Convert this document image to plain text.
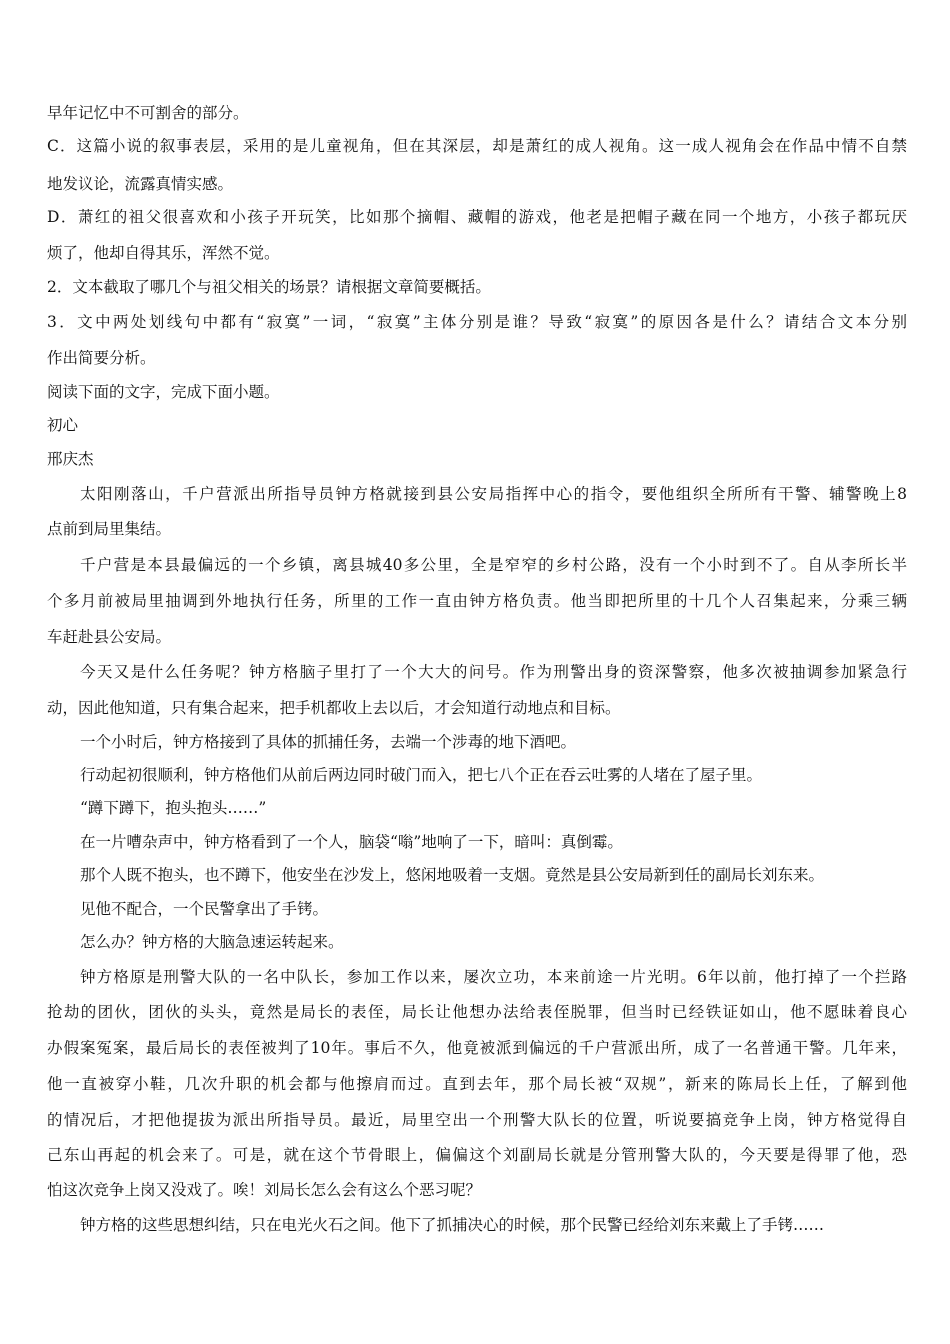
早年记忆中不可割舍的部分。
C．这篇小说的叙事表层，采用的是儿童视角，但在其深层，却是萧红的成人视角。这一成人视角会在作品中情不自禁
地发议论，流露真情实感。
D．萧红的祖父很喜欢和小孩子开玩笑，比如那个摘帽、藏帽的游戏，他老是把帽子藏在同一个地方，小孩子都玩厌
烦了，他却自得其乐，浑然不觉。
2．文本截取了哪几个与祖父相关的场景？请根据文章简要概括。
3．文中两处划线句中都有“寂寞”一词，“寂寞”主体分别是谁？导致“寂寞”的原因各是什么？请结合文本分别
作出简要分析。
阅读下面的文字，完成下面小题。
初心
邢庆杰
太阳刚落山，千户营派出所指导员钟方格就接到县公安局指挥中心的指令，要他组织全所所有干警、辅警晚上8
点前到局里集结。
千户营是本县最偏远的一个乡镇，离县城40多公里，全是窄窄的乡村公路，没有一个小时到不了。自从李所长半
个多月前被局里抽调到外地执行任务，所里的工作一直由钟方格负责。他当即把所里的十几个人召集起来，分乘三辆
车赶赴县公安局。
今天又是什么任务呢？钟方格脑子里打了一个大大的问号。作为刑警出身的资深警察，他多次被抽调参加紧急行
动，因此他知道，只有集合起来，把手机都收上去以后，才会知道行动地点和目标。
一个小时后，钟方格接到了具体的抓捕任务，去端一个涉毒的地下酒吧。
行动起初很顺利，钟方格他们从前后两边同时破门而入，把七八个正在吞云吐雾的人堵在了屋子里。
“蹲下蹲下，抱头抱头……”
在一片嘈杂声中，钟方格看到了一个人，脑袋“嗡”地响了一下，暗叫：真倒霉。
那个人既不抱头，也不蹲下，他安坐在沙发上，悠闲地吸着一支烟。竟然是县公安局新到任的副局长刘东来。
见他不配合，一个民警拿出了手铐。
怎么办？钟方格的大脑急速运转起来。
钟方格原是刑警大队的一名中队长，参加工作以来，屡次立功，本来前途一片光明。6年以前，他打掉了一个拦路
抢劫的团伙，团伙的头头，竟然是局长的表侄，局长让他想办法给表侄脱罪，但当时已经铁证如山，他不愿昧着良心
办假案冤案，最后局长的表侄被判了10年。事后不久，他竟被派到偏远的千户营派出所，成了一名普通干警。几年来，
他一直被穿小鞋，几次升职的机会都与他擦肩而过。直到去年，那个局长被“双规”，新来的陈局长上任，了解到他
的情况后，才把他提拔为派出所指导员。最近，局里空出一个刑警大队长的位置，听说要搞竞争上岗，钟方格觉得自
己东山再起的机会来了。可是，就在这个节骨眼上，偏偏这个刘副局长就是分管刑警大队的，今天要是得罪了他，恐
怕这次竞争上岗又没戏了。唉！刘局长怎么会有这么个恶习呢？
钟方格的这些思想纠结，只在电光火石之间。他下了抓捕决心的时候，那个民警已经给刘东来戴上了手铐……
